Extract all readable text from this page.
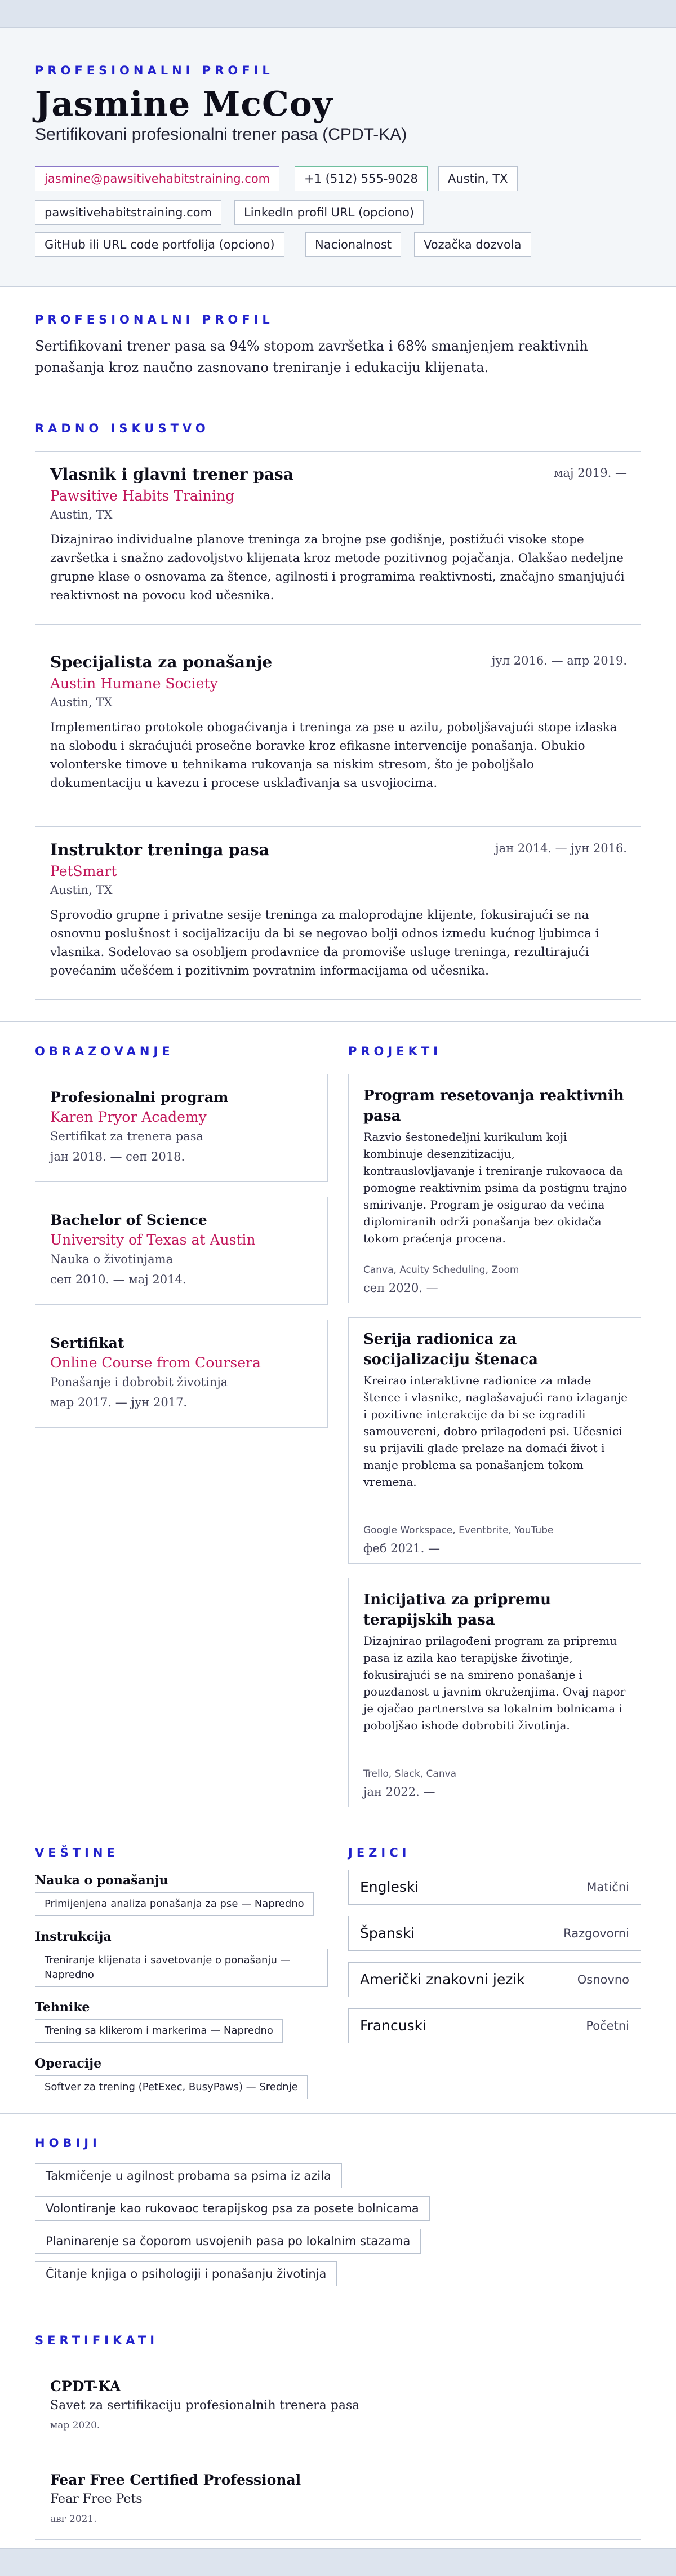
PROFESIONALNI PROFIL
Jasmine McCoy
Sertifikovani profesionalni trener pasa (CPDT-KA)
jasmine@pawsitivehabitstraining.com	+1 (512) 555-9028	Austin, TX
pawsitivehabitstraining.com	LinkedIn profil URL (opciono)
GitHub ili URL code portfolija (opciono)	Nacionalnost	Vozačka dozvola
PROFESIONALNI PROFIL
Sertifikovani trener pasa sa 94% stopom završetka i 68% smanjenjem reaktivnih ponašanja kroz naučno zasnovano treniranje i edukaciju klijenata.
RADNO ISKUSTVO
Vlasnik i glavni trener pasa	мај 2019. —
Pawsitive Habits Training
Austin, TX
Dizajnirao individualne planove treninga za brojne pse godišnje, postižući visoke stope završetka i snažno zadovoljstvo klijenata kroz metode pozitivnog pojačanja. Olakšao nedeljne grupne klase o osnovama za štence, agilnosti i programima reaktivnosti, značajno smanjujući reaktivnost na povocu kod učesnika.
Specijalista za ponašanje	јул 2016. — апр 2019.
Austin Humane Society
Austin, TX
Implementirao protokole obogaćivanja i treninga za pse u azilu, poboljšavajući stope izlaska na slobodu i skraćujući prosečne boravke kroz efikasne intervencije ponašanja. Obukio volonterske timove u tehnikama rukovanja sa niskim stresom, što je poboljšalo dokumentaciju u kavezu i procese usklađivanja sa usvojiocima.
Instruktor treninga pasa	јан 2014. — јун 2016.
PetSmart
Austin, TX
Sprovodio grupne i privatne sesije treninga za maloprodajne klijente, fokusirajući se na osnovnu poslušnost i socijalizaciju da bi se negovao bolji odnos između kućnog ljubimca i vlasnika. Sodelovao sa osobljem prodavnice da promoviše usluge treninga, rezultirajući povećanim učešćem i pozitivnim povratnim informacijama od učesnika.
OBRAZOVANJE	PROJEKTI
Profesionalni program
Karen Pryor Academy
Sertifikat za trenera pasa
јан 2018. — сеп 2018.
Bachelor of Science
University of Texas at Austin
Nauka o životinjama
сеп 2010. — мај 2014.
Sertifikat
Online Course from Coursera
Ponašanje i dobrobit životinja
мар 2017. — јун 2017.
Program resetovanja reaktivnih pasa
Razvio šestonedeljni kurikulum koji kombinuje desenzitizaciju, kontrauslovljavanje i treniranje rukovaoca da pomogne reaktivnim psima da postignu trajno smirivanje. Program je osigurao da većina diplomiranih održi ponašanja bez okidača tokom praćenja procena.
Canva, Acuity Scheduling, Zoom
сеп 2020. —
Serija radionica za socijalizaciju štenaca
Kreirao interaktivne radionice za mlade štence i vlasnike, naglašavajući rano izlaganje i pozitivne interakcije da bi se izgradili samouvereni, dobro prilagođeni psi. Učesnici su prijavili glađe prelaze na domaći život i manje problema sa ponašanjem tokom vremena.
Google Workspace, Eventbrite, YouTube
феб 2021. —
Inicijativa za pripremu terapijskih pasa
Dizajnirao prilagođeni program za pripremu pasa iz azila kao terapijske životinje, fokusirajući se na smireno ponašanje i pouzdanost u javnim okruženjima. Ovaj napor je ojačao partnerstva sa lokalnim bolnicama i poboljšao ishode dobrobiti životinja.
Trello, Slack, Canva
јан 2022. —
VEŠTINE	JEZICI
Nauka o ponašanju
Primijenjena analiza ponašanja za pse — Napredno
Instrukcija
Treniranje klijenata i savetovanje o ponašanju — Napredno
Tehnike
Trening sa klikerom i markerima — Napredno
Operacije
Softver za trening (PetExec, BusyPaws) — Srednje
Engleski	Matični
Španski	Razgovorni
Američki znakovni jezik	Osnovno
Francuski	Početni
HOBIJI
Takmičenje u agilnost probama sa psima iz azila
Volontiranje kao rukovaoc terapijskog psa za posete bolnicama
Planinarenje sa čoporom usvojenih pasa po lokalnim stazama
Čitanje knjiga o psihologiji i ponašanju životinja
SERTIFIKATI
CPDT-KA
Savet za sertifikaciju profesionalnih trenera pasa
мар 2020.
Fear Free Certified Professional
Fear Free Pets
авг 2021.
